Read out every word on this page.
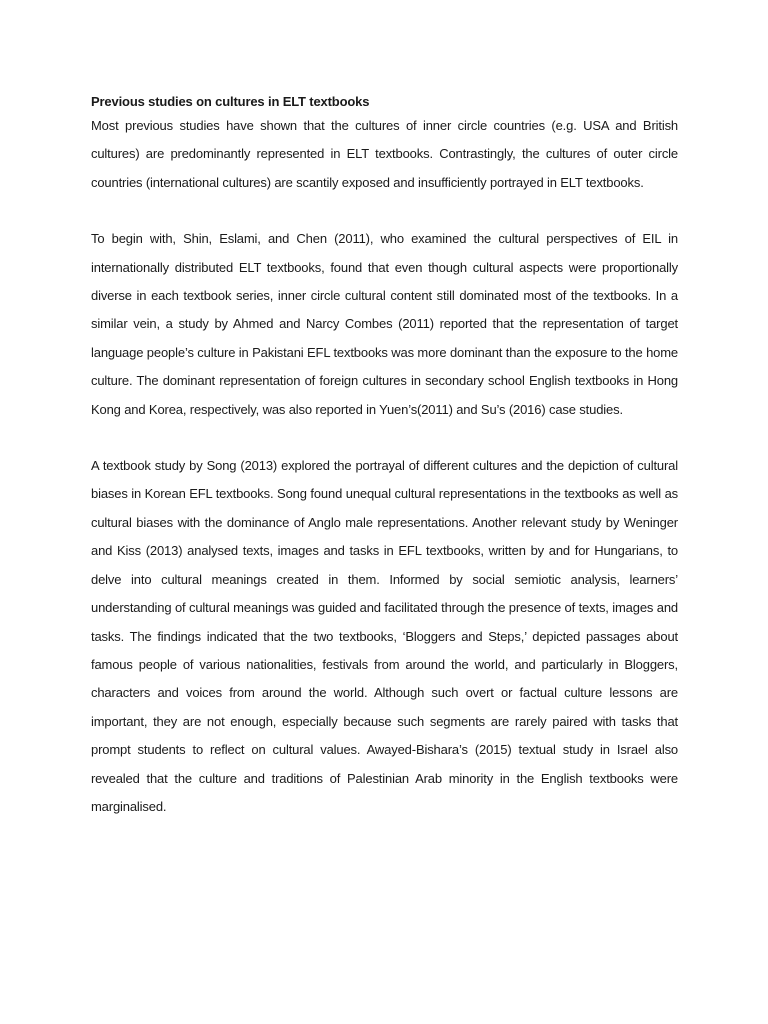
Previous studies on cultures in ELT textbooks

Most previous studies have shown that the cultures of inner circle countries (e.g. USA and British cultures) are predominantly represented in ELT textbooks. Contrastingly, the cultures of outer circle countries (international cultures) are scantily exposed and insufficiently portrayed in ELT textbooks.

To begin with, Shin, Eslami, and Chen (2011), who examined the cultural perspectives of EIL in internationally distributed ELT textbooks, found that even though cultural aspects were proportionally diverse in each textbook series, inner circle cultural content still dominated most of the textbooks. In a similar vein, a study by Ahmed and Narcy Combes (2011) reported that the representation of target language people’s culture in Pakistani EFL textbooks was more dominant than the exposure to the home culture. The dominant representation of foreign cultures in secondary school English textbooks in Hong Kong and Korea, respectively, was also reported in Yuen’s(2011) and Su’s (2016) case studies.

A textbook study by Song (2013) explored the portrayal of different cultures and the depiction of cultural biases in Korean EFL textbooks. Song found unequal cultural representations in the textbooks as well as cultural biases with the dominance of Anglo male representations. Another relevant study by Weninger and Kiss (2013) analysed texts, images and tasks in EFL textbooks, written by and for Hungarians, to delve into cultural meanings created in them. Informed by social semiotic analysis, learners’ understanding of cultural meanings was guided and facilitated through the presence of texts, images and tasks. The findings indicated that the two textbooks, ‘Bloggers and Steps,’ depicted passages about famous people of various nationalities, festivals from around the world, and particularly in Bloggers, characters and voices from around the world. Although such overt or factual culture lessons are important, they are not enough, especially because such segments are rarely paired with tasks that prompt students to reflect on cultural values. Awayed-Bishara’s (2015) textual study in Israel also revealed that the culture and traditions of Palestinian Arab minority in the English textbooks were marginalised.
